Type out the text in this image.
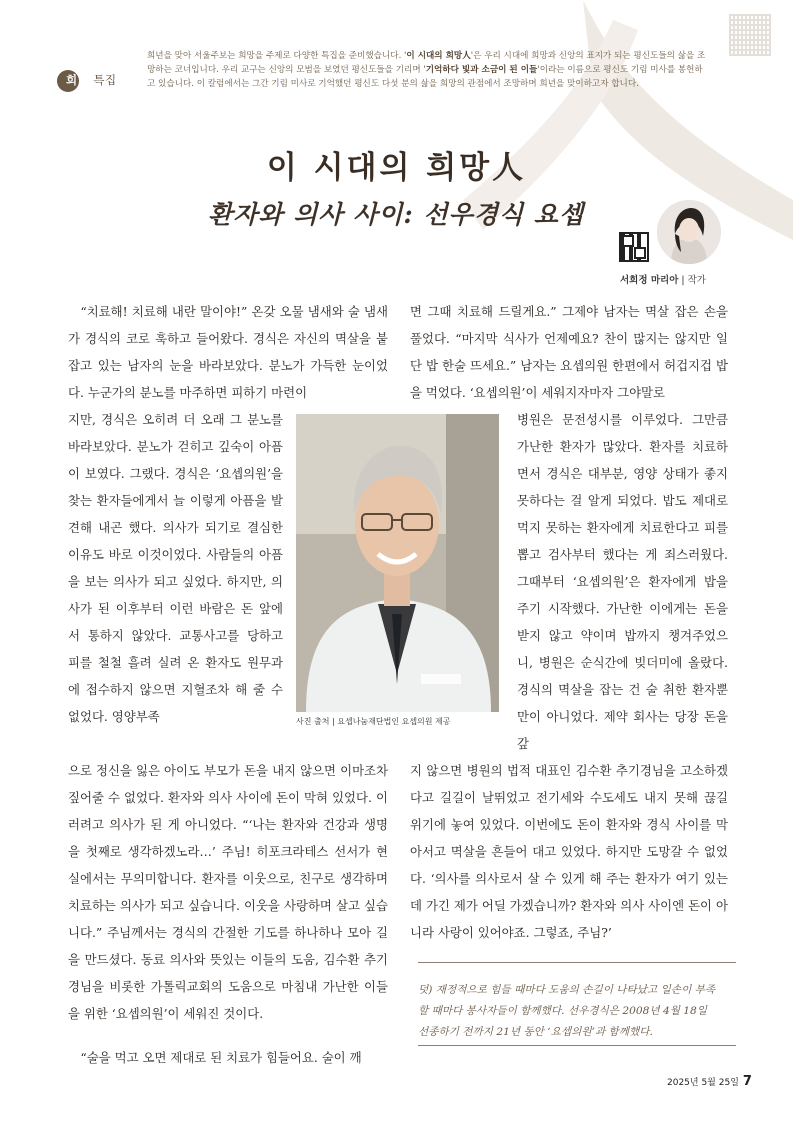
희년 특집

희년을 맞아 서울주보는 희망을 주제로 다양한 특집을 준비했습니다. '이 시대의 희망人'은 우리 시대에 희망과 신앙의 표지가 되는 평신도들의 삶을 조망하는 코너입니다. 우리 교구는 신앙의 모범을 보였던 평신도들을 기리며 '기억하다 빛과 소금이 된 이들'이라는 이름으로 평신도 기림 미사를 봉헌하고 있습니다. 이 칼럼에서는 그간 기림 미사로 기억했던 평신도 다섯 분의 삶을 희망의 관점에서 조망하며 희년을 맞이하고자 합니다.

이 시대의 희망人
환자와 의사 사이: 선우경식 요셉
서희정 마리아 | 작가

“치료해! 치료해 내란 말이야!” 온갖 오물 냄새와 술 냄새가 경식의 코로 훅하고 들어왔다. 경식은 자신의 멱살을 붙잡고 있는 남자의 눈을 바라보았다. 분노가 가득한 눈이었다. 누군가의 분노를 마주하면 피하기 마련이

지만, 경식은 오히려 더 오래 그 분노를 바라보았다. 분노가 걷히고 깊숙이 아픔이 보였다. 그랬다. 경식은 ‘요셉의원’을 찾는 환자들에게서 늘 이렇게 아픔을 발견해 내곤 했다. 의사가 되기로 결심한 이유도 바로 이것이었다. 사람들의 아픔을 보는 의사가 되고 싶었다. 하지만, 의사가 된 이후부터 이런 바람은 돈 앞에서 통하지 않았다. 교통사고를 당하고 피를 철철 흘려 실려 온 환자도 원무과에 접수하지 않으면 지혈조차 해 줄 수 없었다. 영양부족

으로 정신을 잃은 아이도 부모가 돈을 내지 않으면 이마조차 짚어줄 수 없었다. 환자와 의사 사이에 돈이 막혀 있었다. 이러려고 의사가 된 게 아니었다. “‘나는 환자와 건강과 생명을 첫째로 생각하겠노라…’ 주님! 히포크라테스 선서가 현실에서는 무의미합니다. 환자를 이웃으로, 친구로 생각하며 치료하는 의사가 되고 싶습니다. 이웃을 사랑하며 살고 싶습니다.” 주님께서는 경식의 간절한 기도를 하나하나 모아 길을 만드셨다. 동료 의사와 뜻있는 이들의 도움, 김수환 추기경님을 비롯한 가톨릭교회의 도움으로 마침내 가난한 이들을 위한 ‘요셉의원’이 세워진 것이다.

“술을 먹고 오면 제대로 된 치료가 힘들어요. 술이 깨

면 그때 치료해 드릴게요.” 그제야 남자는 멱살 잡은 손을 풀었다. “마지막 식사가 언제예요? 찬이 많지는 않지만 일단 밥 한술 뜨세요.” 남자는 요셉의원 한편에서 허겁지겁 밥을 먹었다. ‘요셉의원’이 세워지자마자 그야말로

병원은 문전성시를 이루었다. 그만큼 가난한 환자가 많았다. 환자를 치료하면서 경식은 대부분, 영양 상태가 좋지 못하다는 걸 알게 되었다. 밥도 제대로 먹지 못하는 환자에게 치료한다고 피를 뽑고 검사부터 했다는 게 죄스러웠다. 그때부터 ‘요셉의원’은 환자에게 밥을 주기 시작했다. 가난한 이에게는 돈을 받지 않고 약이며 밥까지 챙겨주었으니, 병원은 순식간에 빚더미에 올랐다. 경식의 멱살을 잡는 건 술 취한 환자뿐만이 아니었다. 제약 회사는 당장 돈을 갚

지 않으면 병원의 법적 대표인 김수환 추기경님을 고소하겠다고 길길이 날뛰었고 전기세와 수도세도 내지 못해 끊길 위기에 놓여 있었다. 이번에도 돈이 환자와 경식 사이를 막아서고 멱살을 흔들어 대고 있었다. 하지만 도망갈 수 없었다. ‘의사를 의사로서 살 수 있게 해 주는 환자가 여기 있는데 가긴 제가 어딜 가겠습니까? 환자와 의사 사이엔 돈이 아니라 사랑이 있어야죠. 그렇죠, 주님?’

사진 출처 | 요셉나눔재단법인 요셉의원 제공

덧) 재정적으로 힘들 때마다 도움의 손길이 나타났고 일손이 부족할 때마다 봉사자들이 함께했다. 선우경식은 2008년 4월 18일 선종하기 전까지 21년 동안 ‘요셉의원’과 함께했다.

2025년 5월 25일 7
